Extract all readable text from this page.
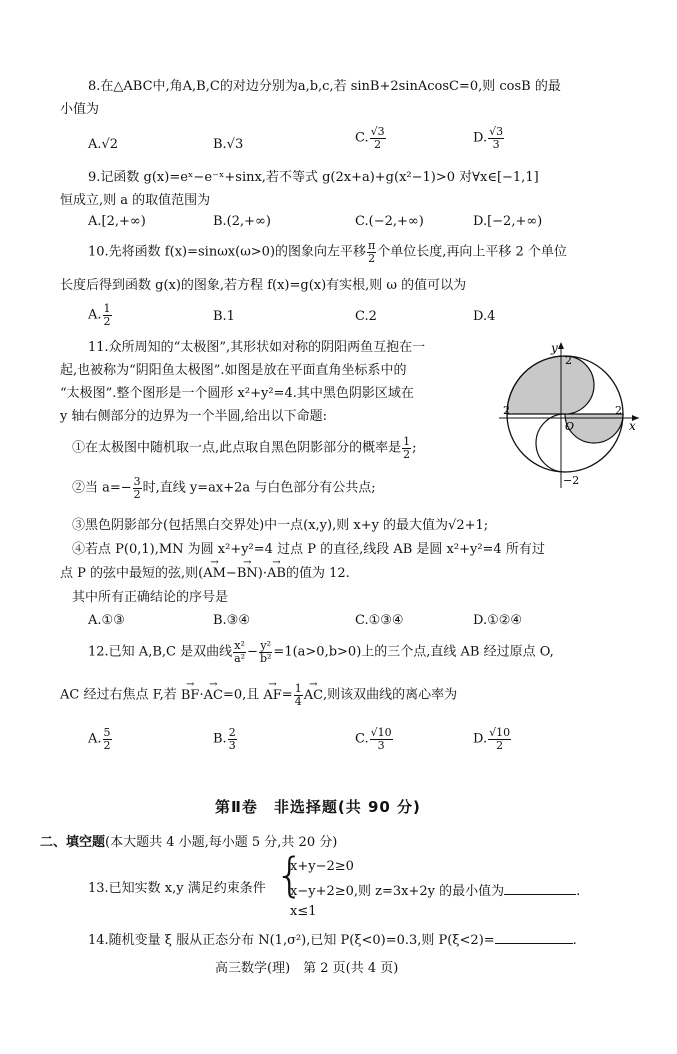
8.在△ABC中,角A,B,C的对边分别为a,b,c,若 sinB+2sinAcosC=0,则 cosB 的最
小值为
A.√2	B.√3	C. $\frac{√3}{2}$	D. $\frac{√3}{3}$
9.记函数 g(x)=eˣ−e⁻ˣ+sinx,若不等式 g(2x+a)+g(x²−1)>0 对∀x∈[−1,1]
恒成立,则 a 的取值范围为
A.[2,+∞)	B.(2,+∞)	C.(−2,+∞)	D.[−2,+∞)
10.先将函数 f(x)=sinωx(ω>0)的图象向左平移 $\frac{\pi}{2}$ 个单位长度,再向上平移 2 个单位
长度后得到函数 g(x)的图象,若方程 f(x)=g(x)有实根,则 ω 的值可以为
A. $\frac{1}{2}$	B.1	C.2	D.4
11.众所周知的“太极图”,其形状如对称的阴阳两鱼互抱在一
起,也被称为“阴阳鱼太极图”.如图是放在平面直角坐标系中的
“太极图”.整个图形是一个圆形 x²+y²=4.其中黑色阴影区域在
y 轴右侧部分的边界为一个半圆,给出以下命题:
①在太极图中随机取一点,此点取自黑色阴影部分的概率是 $\frac{1}{2}$ ;
②当 $a=- \frac{3}{2}$ 时,直线 y=ax+2a 与白色部分有公共点;
y
x
O
2
−2
2	2
③黑色阴影部分(包括黑白交界处)中一点(x,y),则 x+y 的最大值为√2+1;
④若点 P(0,1),MN 为圆 x²+y²=4 过点 P 的直径,线段 AB 是圆 x²+y²=4 所有过
点 P 的弦中最短的弦,则(→ AM−→ BN)·→ AB的值为 12.
其中所有正确结论的序号是
A.①③	B.③④	C.①③④	D.①②④
12.已知 A,B,C 是双曲线 $\frac{\text{x²}}{\text{a²}} - \frac{\text{y²}}{\text{b²}} =1(a>0,b>0)$上的三个点,直线 AB 经过原点 O,
AC 经过右焦点 F,若 → BF·→ AC=0,且 → $AF= \frac{1}{4}$
→ AC,则该双曲线的离心率为
A. $\frac{5}{2}$	B. $\frac{2}{3}$	C. $\frac{√10}{3}$	D. $\frac{√10}{2}$
第Ⅱ卷　非选择题(共 90 分)
二、填空题(本大题共 4 小题,每小题 5 分,共 20 分)
13.已知实数 x,y 满足约束条件 {
x+y−2≥0
x−y+2≥0,则 z=3x+2y 的最小值为	.
x≤1
14.随机变量 ξ 服从正态分布 N(1,σ²),已知 P(ξ<0)=0.3,则 P(ξ<2)=	.
高三数学(理)　第 2 页(共 4 页)
